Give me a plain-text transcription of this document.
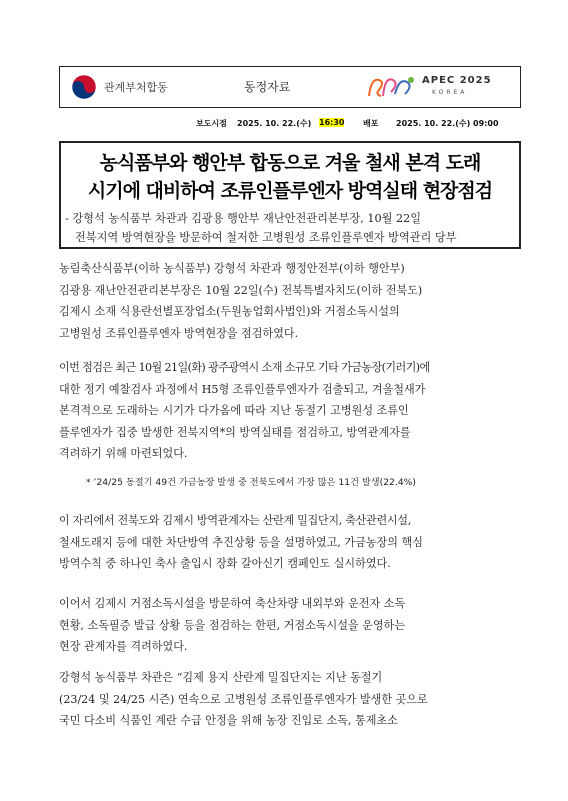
관계부처합동	동정자료	APEC 2025
KOREA
보도시점 2025. 10. 22.(수) 16:30 배포 2025. 10. 22.(수) 09:00
농식품부와 행안부 합동으로 겨울 철새 본격 도래
시기에 대비하여 조류인플루엔자 방역실태 현장점검
- 강형석 농식품부 차관과 김광용 행안부 재난안전관리본부장, 10월 22일
전북지역 방역현장을 방문하여 철저한 고병원성 조류인플루엔자 방역관리 당부
농림축산식품부(이하 농식품부) 강형석 차관과 행정안전부(이하 행안부)
김광용 재난안전관리본부장은 10월 22일(수) 전북특별자치도(이하 전북도)
김제시 소재 식용란선별포장업소(두원농업회사법인)와 거점소독시설의
고병원성 조류인플루엔자 방역현장을 점검하였다.
이번 점검은 최근 10월 21일(화) 광주광역시 소재 소규모 기타 가금농장(기러기)에
대한 정기 예찰검사 과정에서 H5형 조류인플루엔자가 검출되고, 겨울철새가
본격적으로 도래하는 시기가 다가옴에 따라 지난 동절기 고병원성 조류인
플루엔자가 집중 발생한 전북지역*의 방역실태를 점검하고, 방역관계자를
격려하기 위해 마련되었다.
* ’24/25 동절기 49건 가금농장 발생 중 전북도에서 가장 많은 11건 발생(22.4%)
이 자리에서 전북도와 김제시 방역관계자는 산란계 밀집단지, 축산관련시설,
철새도래지 등에 대한 차단방역 추진상황 등을 설명하였고, 가금농장의 핵심
방역수칙 중 하나인 축사 출입시 장화 갈아신기 캠페인도 실시하였다.
이어서 김제시 거점소독시설을 방문하여 축산차량 내외부와 운전자 소독
현황, 소독필증 발급 상황 등을 점검하는 한편, 거점소독시설을 운영하는
현장 관계자를 격려하였다.
강형석 농식품부 차관은 “김제 용지 산란계 밀집단지는 지난 동절기
(23/24 및 24/25 시즌) 연속으로 고병원성 조류인플루엔자가 발생한 곳으로
국민 다소비 식품인 계란 수급 안정을 위해 농장 진입로 소독, 통제초소
